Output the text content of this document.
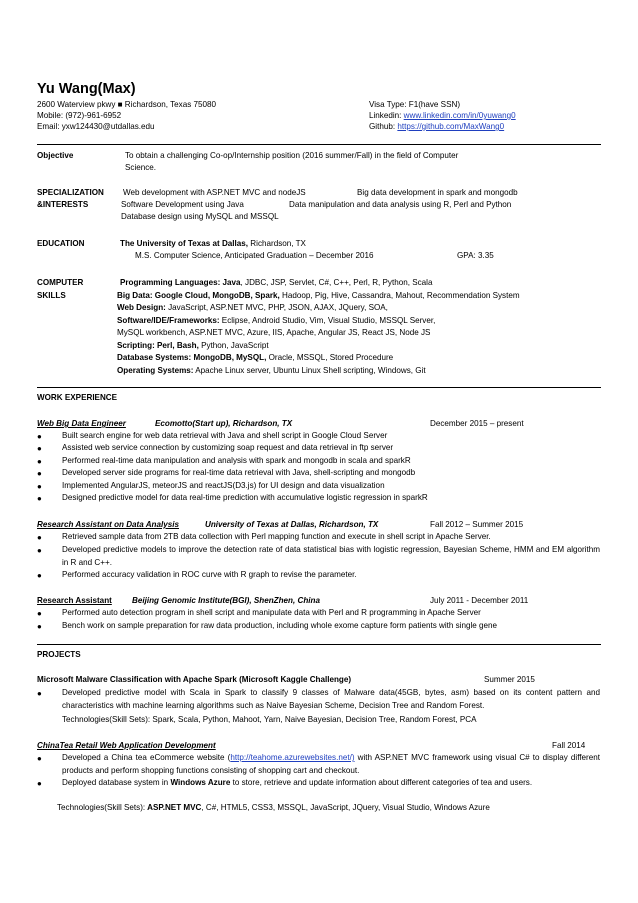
Yu Wang(Max)
2600 Waterview pkwy ■ Richardson, Texas 75080	Visa Type: F1(have SSN)
Mobile: (972)-961-6952	Linkedin: www.linkedin.com/in/0yuwang0
Email: yxw124430@utdallas.edu	Github: https://github.com/MaxWang0
Objective	To obtain a challenging Co-op/Internship position (2016 summer/Fall) in the field of Computer
Science.
SPECIALIZATION
&INTERESTS
Web development with ASP.NET MVC and nodeJS	Big data development in spark and mongodb
Software Development using Java	Data manipulation and data analysis using R, Perl and Python
Database design using MySQL and MSSQL
EDUCATION	The University of Texas at Dallas, Richardson, TX
M.S. Computer Science, Anticipated Graduation – December 2016	GPA: 3.35
COMPUTER
SKILLS
Programming Languages: Java, JDBC, JSP, Servlet, C#, C++, Perl, R, Python, Scala
Big Data: Google Cloud, MongoDB, Spark, Hadoop, Pig, Hive, Cassandra, Mahout, Recommendation System
Web Design: JavaScript, ASP.NET MVC, PHP, JSON, AJAX, JQuery, SOA,
Software/IDE/Frameworks: Eclipse, Android Studio, Vim, Visual Studio, MSSQL Server,
MySQL workbench, ASP.NET MVC, Azure, IIS, Apache, Angular JS, React JS, Node JS
Scripting: Perl, Bash, Python, JavaScript
Database Systems: MongoDB, MySQL, Oracle, MSSQL, Stored Procedure
Operating Systems: Apache Linux server, Ubuntu Linux Shell scripting, Windows, Git
WORK EXPERIENCE
Web Big Data Engineer	Ecomotto(Start up), Richardson, TX	December 2015 – present
● Built search engine for web data retrieval with Java and shell script in Google Cloud Server
● Assisted web service connection by customizing soap request and data retrieval in ftp server
● Performed real-time data manipulation and analysis with spark and mongodb in scala and sparkR
● Developed server side programs for real-time data retrieval with Java, shell-scripting and mongodb
● Implemented AngularJS, meteorJS and reactJS(D3.js) for UI design and data visualization
● Designed predictive model for data real-time prediction with accumulative logistic regression in sparkR
Research Assistant on Data Analysis	University of Texas at Dallas, Richardson, TX	Fall 2012 – Summer 2015
● Retrieved sample data from 2TB data collection with Perl mapping function and execute in shell script in Apache Server.
● Developed predictive models to improve the detection rate of data statistical bias with logistic regression, Bayesian Scheme, HMM and EM algorithm in R and C++.
● Performed accuracy validation in ROC curve with R graph to revise the parameter.
Research Assistant Beijing Genomic Institute(BGI), ShenZhen, China	July 2011 - December 2011
● Performed auto detection program in shell script and manipulate data with Perl and R programming in Apache Server
● Bench work on sample preparation for raw data production, including whole exome capture form patients with single gene
PROJECTS
Microsoft Malware Classification with Apache Spark (Microsoft Kaggle Challenge)	Summer 2015
● Developed predictive model with Scala in Spark to classify 9 classes of Malware data(45GB, bytes, asm) based on its content pattern and characteristics with machine learning algorithms such as Naive Bayesian Scheme, Decision Tree and Random Forest.
Technologies(Skill Sets): Spark, Scala, Python, Mahoot, Yarn, Naive Bayesian, Decision Tree, Random Forest, PCA
ChinaTea Retail Web Application Development	Fall 2014
● Developed a China tea eCommerce website (http://teahome.azurewebsites.net/) with ASP.NET MVC framework using visual C# to display different products and perform shopping functions consisting of shopping cart and checkout.
● Deployed database system in Windows Azure to store, retrieve and update information about different categories of tea and users.
Technologies(Skill Sets): ASP.NET MVC, C#, HTML5, CSS3, MSSQL, JavaScript, JQuery, Visual Studio, Windows Azure
